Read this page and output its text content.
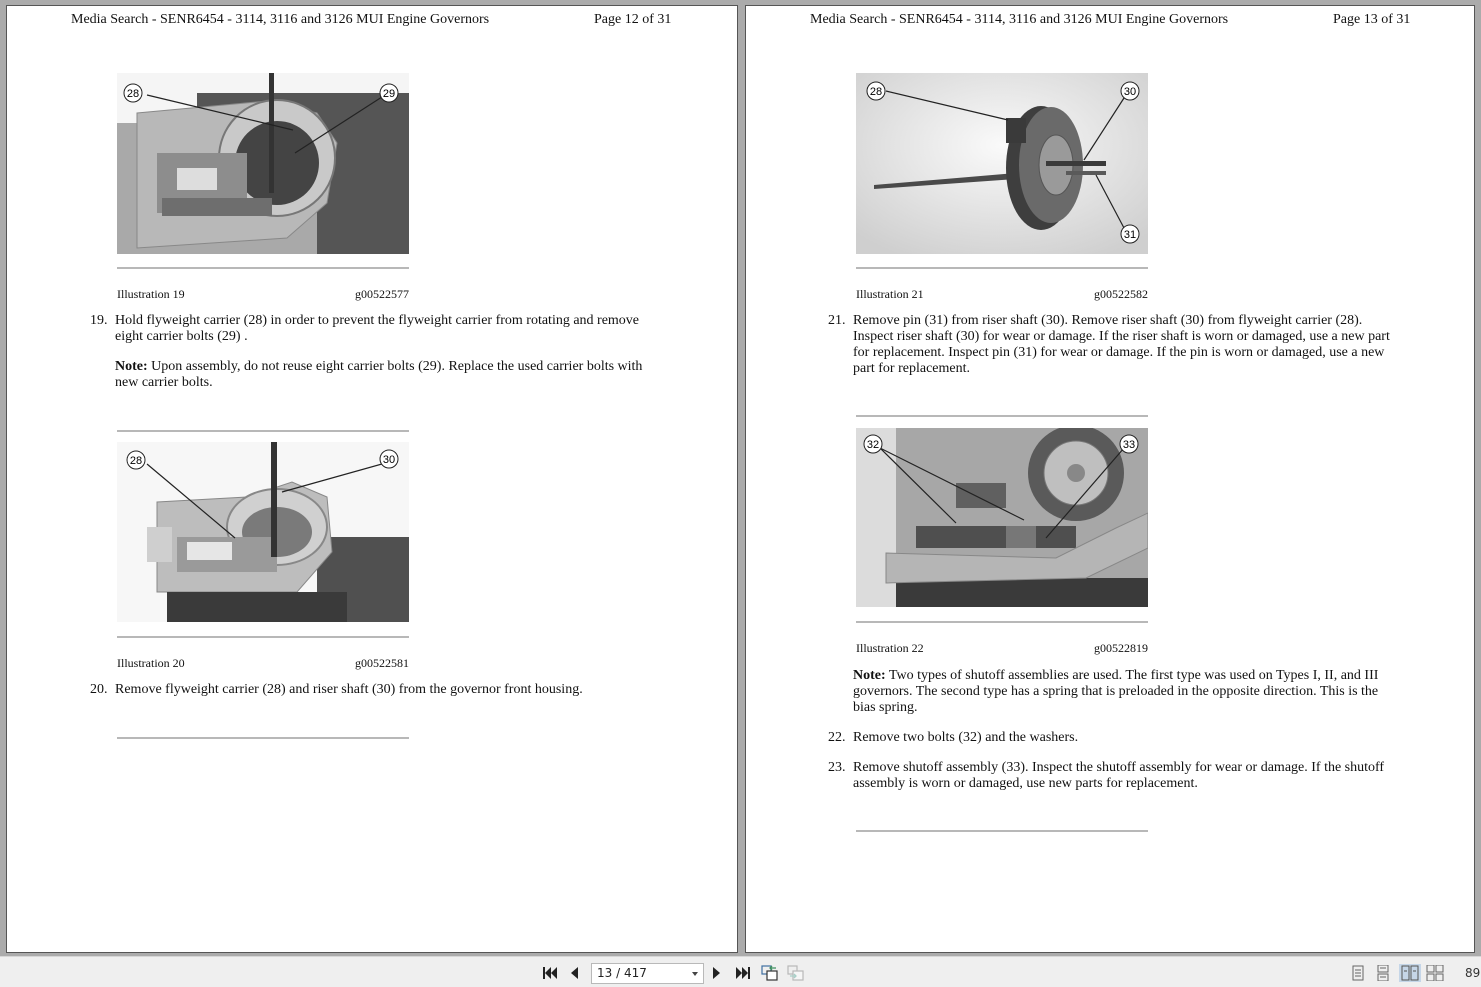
Media Search - SENR6454 - 3114, 3116 and 3126 MUI Engine Governors	Page 12 of 31
28	29
Illustration 19	g00522577
19. Hold flyweight carrier (28) in order to prevent the flyweight carrier from rotating and remove
eight carrier bolts (29) .
Note: Upon assembly, do not reuse eight carrier bolts (29). Replace the used carrier bolts with
new carrier bolts.
28	30
Illustration 20	g00522581
20. Remove flyweight carrier (28) and riser shaft (30) from the governor front housing.
Media Search - SENR6454 - 3114, 3116 and 3126 MUI Engine Governors	Page 13 of 31
28	30
31
Illustration 21	g00522582
21. Remove pin (31) from riser shaft (30). Remove riser shaft (30) from flyweight carrier (28).
Inspect riser shaft (30) for wear or damage. If the riser shaft is worn or damaged, use a new part
for replacement. Inspect pin (31) for wear or damage. If the pin is worn or damaged, use a new
part for replacement.
32	33
Illustration 22	g00522819
Note: Two types of shutoff assemblies are used. The first type was used on Types I, II, and III
governors. The second type has a spring that is preloaded in the opposite direction. This is the
bias spring.
22. Remove two bolts (32) and the washers.
23. Remove shutoff assembly (33). Inspect the shutoff assembly for wear or damage. If the shutoff
assembly is worn or damaged, use new parts for replacement.
13 / 417	89
